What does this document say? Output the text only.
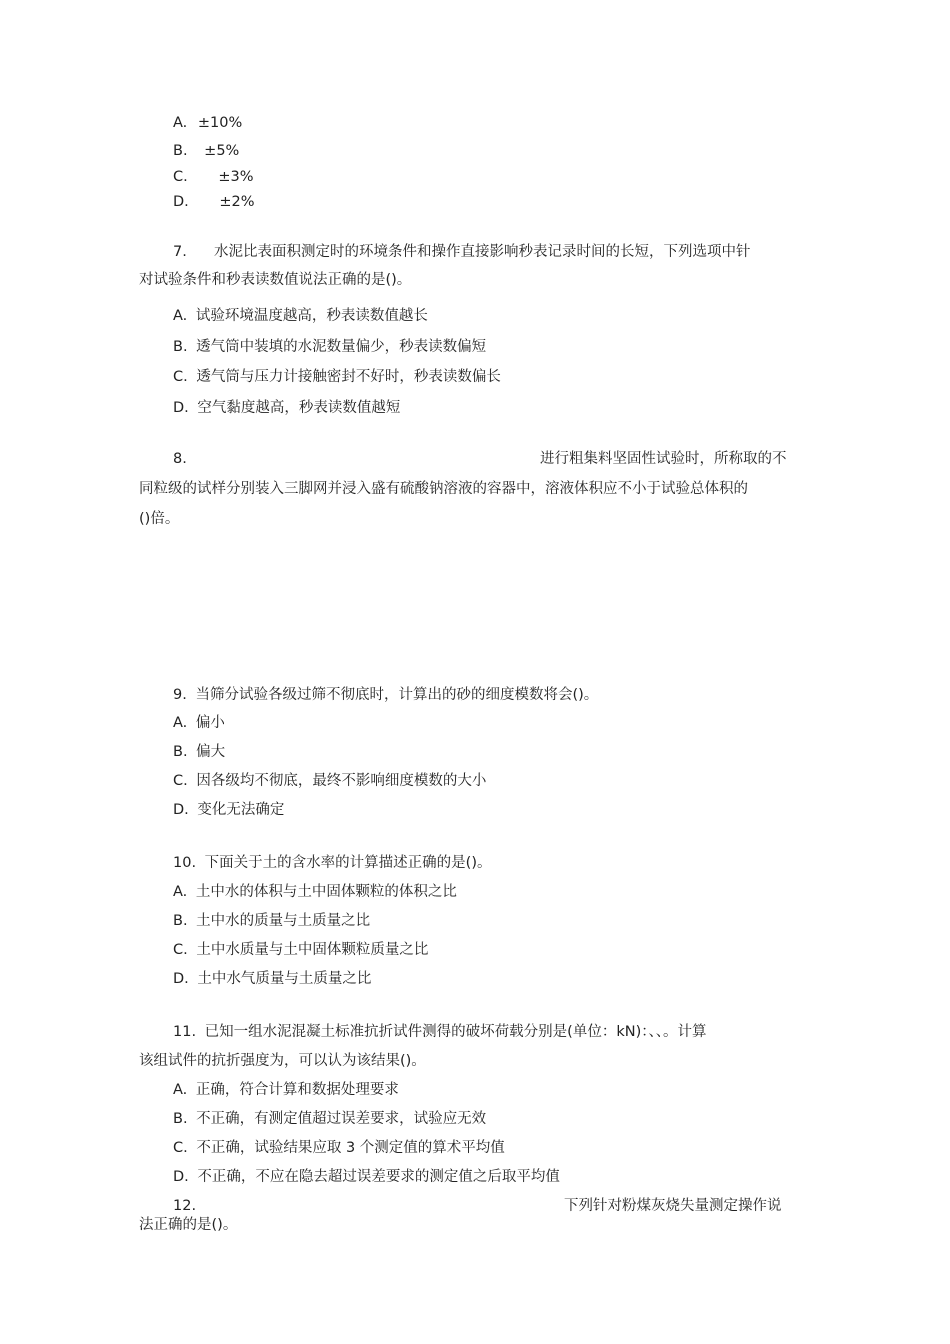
A. ±10%
B. ±5%
C. ±3%
D. ±2%
7. 水泥比表面积测定时的环境条件和操作直接影响秒表记录时间的长短，下列选项中针
对试验条件和秒表读数值说法正确的是()。
A. 试验环境温度越高，秒表读数值越长
B. 透气筒中装填的水泥数量偏少，秒表读数偏短
C. 透气筒与压力计接触密封不好时，秒表读数偏长
D. 空气黏度越高，秒表读数值越短
8.	进行粗集料坚固性试验时，所称取的不
同粒级的试样分别装入三脚网并浸入盛有硫酸钠溶液的容器中，溶液体积应不小于试验总体积的
()倍。
9. 当筛分试验各级过筛不彻底时，计算出的砂的细度模数将会()。
A. 偏小
B. 偏大
C. 因各级均不彻底，最终不影响细度模数的大小
D. 变化无法确定
10. 下面关于土的含水率的计算描述正确的是()。
A. 土中水的体积与土中固体颗粒的体积之比
B. 土中水的质量与土质量之比
C. 土中水质量与土中固体颗粒质量之比
D. 土中水气质量与土质量之比
11. 已知一组水泥混凝土标准抗折试件测得的破坏荷载分别是(单位：kN)：、、。计算
该组试件的抗折强度为，可以认为该结果()。
A. 正确，符合计算和数据处理要求
B. 不正确，有测定值超过误差要求，试验应无效
C. 不正确，试验结果应取 3 个测定值的算术平均值
D. 不正确，不应在隐去超过误差要求的测定值之后取平均值
12.	下列针对粉煤灰烧失量测定操作说
法正确的是()。
